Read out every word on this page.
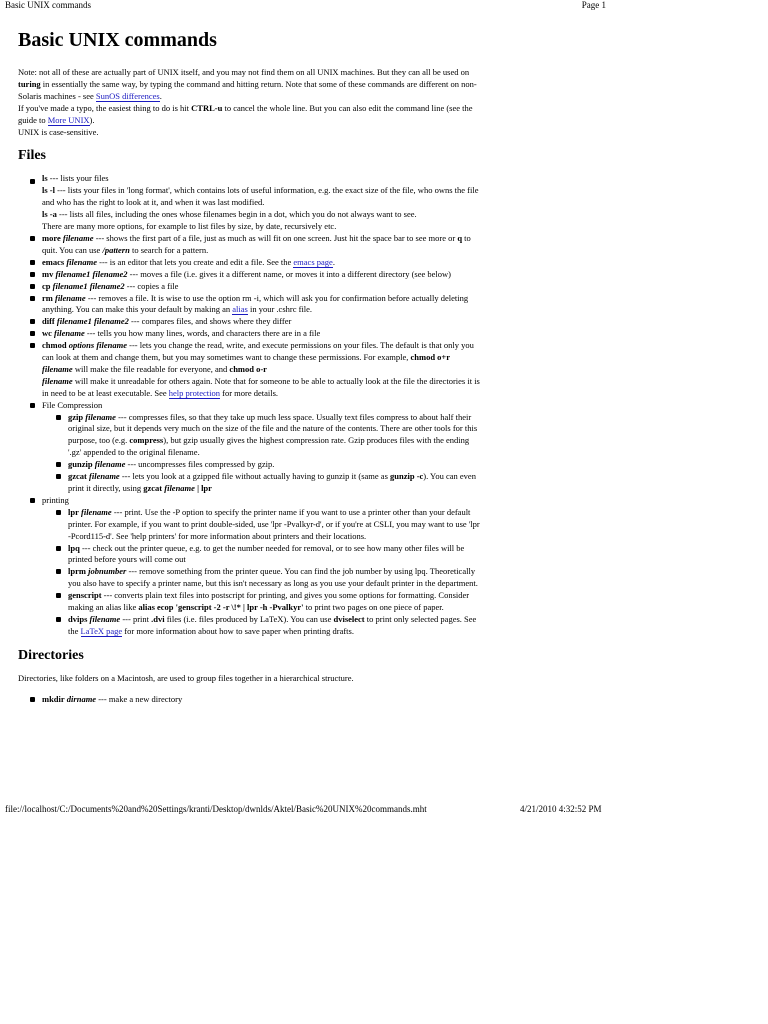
Basic UNIX commands	Page 1
Basic UNIX commands

Note: not all of these are actually part of UNIX itself, and you may not find them on all UNIX machines. But they can all be used on turing in essentially the same way, by typing the command and hitting return. Note that some of these commands are different on non-Solaris machines - see SunOS differences.
If you've made a typo, the easiest thing to do is hit CTRL-u to cancel the whole line. But you can also edit the command line (see the guide to More UNIX).
UNIX is case-sensitive.

Files
ls --- lists your files
ls -l --- lists your files in 'long format', which contains lots of useful information, e.g. the exact size of the file, who owns the file and who has the right to look at it, and when it was last modified.
ls -a --- lists all files, including the ones whose filenames begin in a dot, which you do not always want to see.
There are many more options, for example to list files by size, by date, recursively etc.
more filename --- shows the first part of a file, just as much as will fit on one screen. Just hit the space bar to see more or q to quit. You can use /pattern to search for a pattern.
emacs filename --- is an editor that lets you create and edit a file. See the emacs page.
mv filename1 filename2 --- moves a file (i.e. gives it a different name, or moves it into a different directory (see below)
cp filename1 filename2 --- copies a file
rm filename --- removes a file. It is wise to use the option rm -i, which will ask you for confirmation before actually deleting anything. You can make this your default by making an alias in your .cshrc file.
diff filename1 filename2 --- compares files, and shows where they differ
wc filename --- tells you how many lines, words, and characters there are in a file
chmod options filename --- lets you change the read, write, and execute permissions on your files. The default is that only you can look at them and change them, but you may sometimes want to change these permissions. For example, chmod o+r filename will make the file readable for everyone, and chmod o-r
filename will make it unreadable for others again. Note that for someone to be able to actually look at the file the directories it is in need to be at least executable. See help protection for more details.
File Compression
gzip filename --- compresses files, so that they take up much less space. Usually text files compress to about half their original size, but it depends very much on the size of the file and the nature of the contents. There are other tools for this purpose, too (e.g. compress), but gzip usually gives the highest compression rate. Gzip produces files with the ending '.gz' appended to the original filename.
gunzip filename --- uncompresses files compressed by gzip.
gzcat filename --- lets you look at a gzipped file without actually having to gunzip it (same as gunzip -c). You can even print it directly, using gzcat filename | lpr
printing
lpr filename --- print. Use the -P option to specify the printer name if you want to use a printer other than your default printer. For example, if you want to print double-sided, use 'lpr -Pvalkyr-d', or if you're at CSLI, you may want to use 'lpr -Pcord115-d'. See 'help printers' for more information about printers and their locations.
lpq --- check out the printer queue, e.g. to get the number needed for removal, or to see how many other files will be printed before yours will come out
lprm jobnumber --- remove something from the printer queue. You can find the job number by using lpq. Theoretically you also have to specify a printer name, but this isn't necessary as long as you use your default printer in the department.
genscript --- converts plain text files into postscript for printing, and gives you some options for formatting. Consider making an alias like alias ecop 'genscript -2 -r \!* | lpr -h -Pvalkyr' to print two pages on one piece of paper.
dvips filename --- print .dvi files (i.e. files produced by LaTeX). You can use dviselect to print only selected pages. See the LaTeX page for more information about how to save paper when printing drafts.
Directories

Directories, like folders on a Macintosh, are used to group files together in a hierarchical structure.

mkdir dirname --- make a new directory
file://localhost/C:/Documents%20and%20Settings/kranti/Desktop/dwnlds/Aktel/Basic%20UNIX%20commands.mht	4/21/2010 4:32:52 PM
